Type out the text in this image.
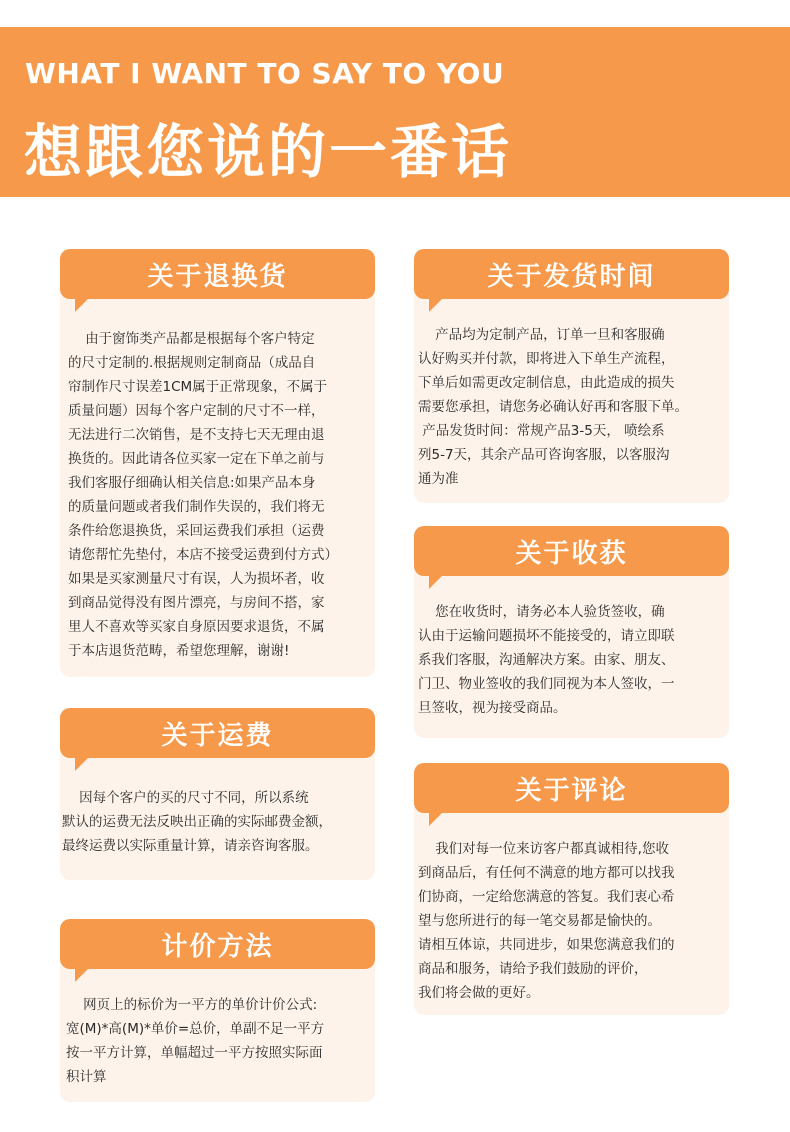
WHAT I WANT TO SAY TO YOU
想跟您说的一番话
关于退换货
由于窗饰类产品都是根据每个客户特定
的尺寸定制的.根据规则定制商品（成品自
帘制作尺寸误差1CM属于正常现象，不属于
质量问题）因每个客户定制的尺寸不一样，
无法进行二次销售，是不支持七天无理由退
换货的。因此请各位买家一定在下单之前与
我们客服仔细确认相关信息:如果产品本身
的质量问题或者我们制作失误的，我们将无
条件给您退换货，采回运费我们承担（运费
请您帮忙先垫付，本店不接受运费到付方式）
如果是买家测量尺寸有误，人为损坏者，收
到商品觉得没有图片漂亮，与房间不搭，家
里人不喜欢等买家自身原因要求退货，不属
于本店退货范畴，希望您理解，谢谢!
关于运费
因每个客户的买的尺寸不同，所以系统
默认的运费无法反映出正确的实际邮费金额，
最终运费以实际重量计算，请亲咨询客服。
计价方法
网页上的标价为一平方的单价计价公式:
宽(M)*高(M)*单价=总价，单副不足一平方
按一平方计算，单幅超过一平方按照实际面
积计算
关于发货时间
产品均为定制产品，订单一旦和客服确
认好购买并付款，即将进入下单生产流程，
下单后如需更改定制信息，由此造成的损失
需要您承担，请您务必确认好再和客服下单。
产品发货时间：常规产品3-5天， 喷绘系
列5-7天，其余产品可咨询客服，以客服沟
通为准
关于收获
您在收货时，请务必本人验货签收，确
认由于运输问题损坏不能接受的，请立即联
系我们客服，沟通解决方案。由家、朋友、
门卫、物业签收的我们同视为本人签收，一
旦签收，视为接受商品。
关于评论
我们对每一位来访客户都真诚相待,您收
到商品后，有任何不满意的地方都可以找我
们协商，一定给您满意的答复。我们衷心希
望与您所进行的每一笔交易都是愉快的。
请相互体谅，共同进步，如果您满意我们的
商品和服务，请给予我们鼓励的评价，
我们将会做的更好。
